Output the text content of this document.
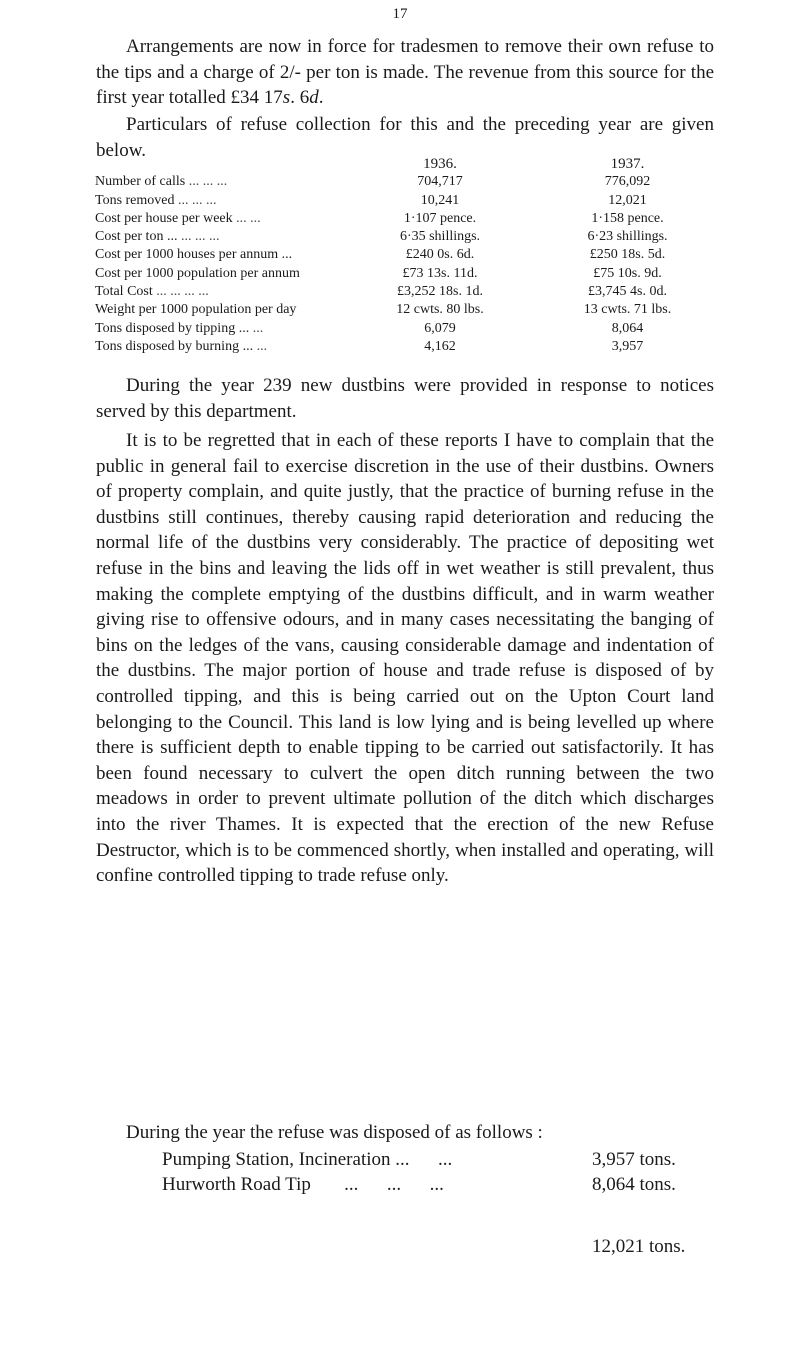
17

Arrangements are now in force for tradesmen to remove their own refuse to the tips and a charge of 2/- per ton is made. The revenue from this source for the first year totalled £34 17s. 6d.

Particulars of refuse collection for this and the preceding year are given below.

	1936.	1937.
Number of calls ... ... ...	704,717	776,092
Tons removed ... ... ...	10,241	12,021
Cost per house per week ... ...	1·107 pence.	1·158 pence.
Cost per ton ... ... ... ...	6·35 shillings.	6·23 shillings.
Cost per 1000 houses per annum ...	£240 0s. 6d.	£250 18s. 5d.
Cost per 1000 population per annum	£73 13s. 11d.	£75 10s. 9d.
Total Cost ... ... ... ...	£3,252 18s. 1d.	£3,745 4s. 0d.
Weight per 1000 population per day	12 cwts. 80 lbs.	13 cwts. 71 lbs.
Tons disposed by tipping ... ...	6,079	8,064
Tons disposed by burning ... ...	4,162	3,957

During the year 239 new dustbins were provided in response to notices served by this department.

It is to be regretted that in each of these reports I have to complain that the public in general fail to exercise discretion in the use of their dustbins. Owners of property complain, and quite justly, that the practice of burning refuse in the dustbins still continues, thereby causing rapid deterioration and reducing the normal life of the dustbins very considerably. The practice of depositing wet refuse in the bins and leaving the lids off in wet weather is still prevalent, thus making the complete emptying of the dustbins difficult, and in warm weather giving rise to offensive odours, and in many cases necessitating the banging of bins on the ledges of the vans, causing considerable damage and indentation of the dustbins. The major portion of house and trade refuse is disposed of by controlled tipping, and this is being carried out on the Upton Court land belonging to the Council. This land is low lying and is being levelled up where there is sufficient depth to enable tipping to be carried out satisfactorily. It has been found necessary to culvert the open ditch running between the two meadows in order to prevent ultimate pollution of the ditch which discharges into the river Thames. It is expected that the erection of the new Refuse Destructor, which is to be commenced shortly, when installed and operating, will confine controlled tipping to trade refuse only.

During the year the refuse was disposed of as follows :

Pumping Station, Incineration ...      ...	3,957 tons.
Hurworth Road Tip       ...      ...      ...	8,064 tons.
12,021 tons.
